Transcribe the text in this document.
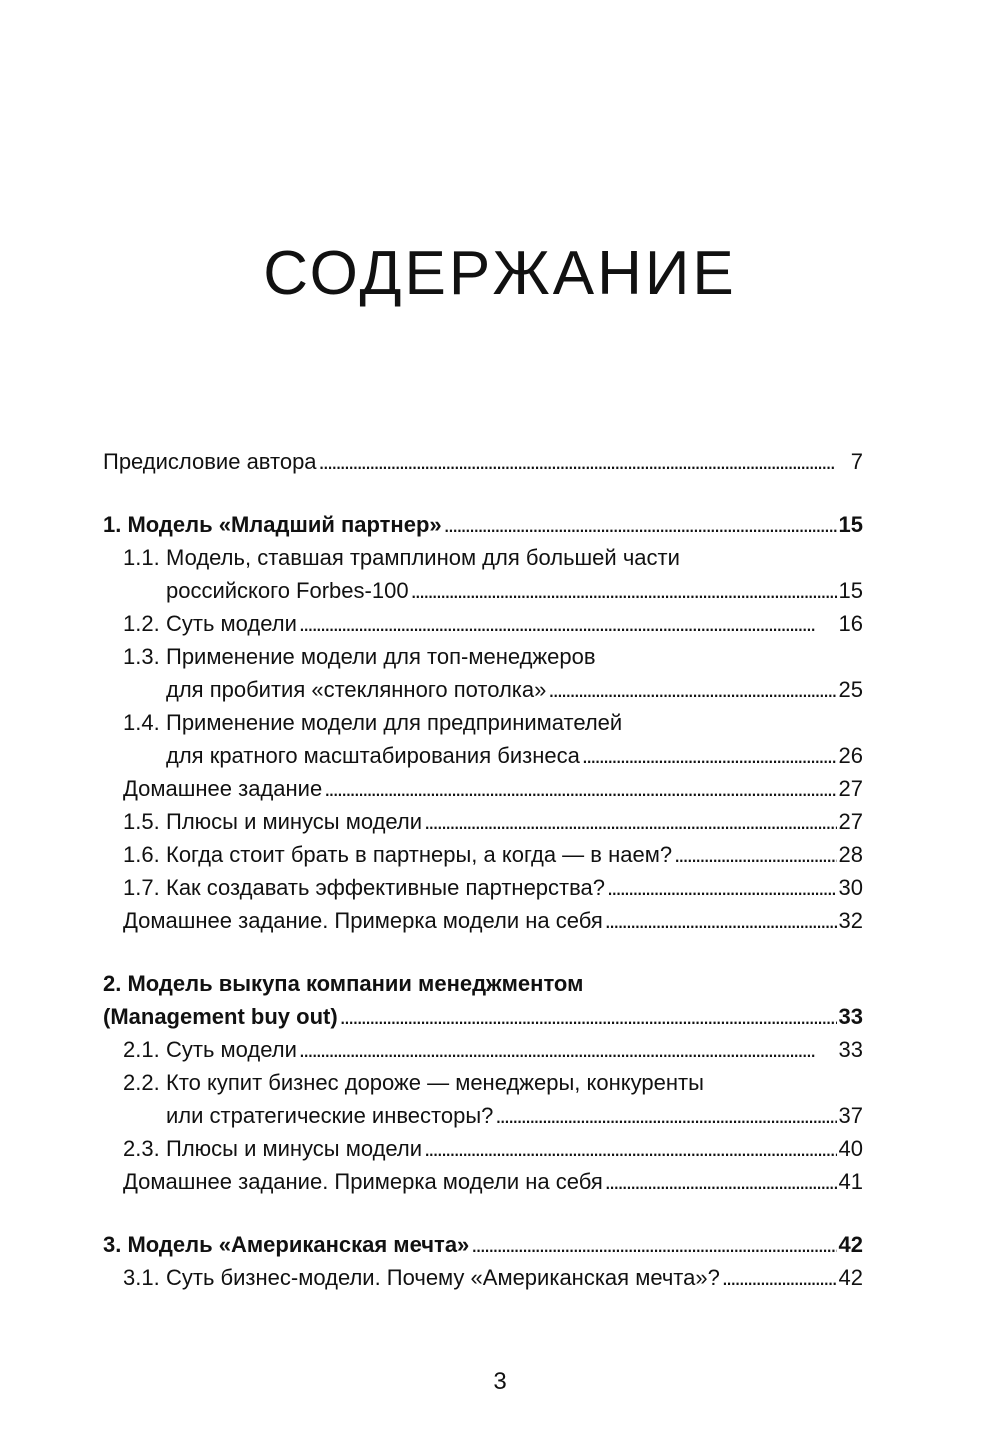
СОДЕРЖАНИЕ
Предисловие автора . . .	7
1. Модель «Младший партнер» . . .	15
1.1. Модель, ставшая трамплином для большей части
российского Forbes-100 . . .	15
1.2. Суть модели . . .	16
1.3. Применение модели для топ-менеджеров
для пробития «стеклянного потолка» . . .	25
1.4. Применение модели для предпринимателей
для кратного масштабирования бизнеса . . .	26
Домашнее задание . . .	27
1.5. Плюсы и минусы модели . . .	27
1.6. Когда стоит брать в партнеры, а когда — в наем? . . .	28
1.7. Как создавать эффективные партнерства? . . .	30
Домашнее задание. Примерка модели на себя . . .	32
2. Модель выкупа компании менеджментом
(Management buy out) . . .	33
2.1. Суть модели . . .	33
2.2. Кто купит бизнес дороже — менеджеры, конкуренты
или стратегические инвесторы? . . .	37
2.3. Плюсы и минусы модели . . .	40
Домашнее задание. Примерка модели на себя . . .	41
3. Модель «Американская мечта» . . .	42
3.1. Суть бизнес-модели. Почему «Американская мечта»? . . .	42
3
